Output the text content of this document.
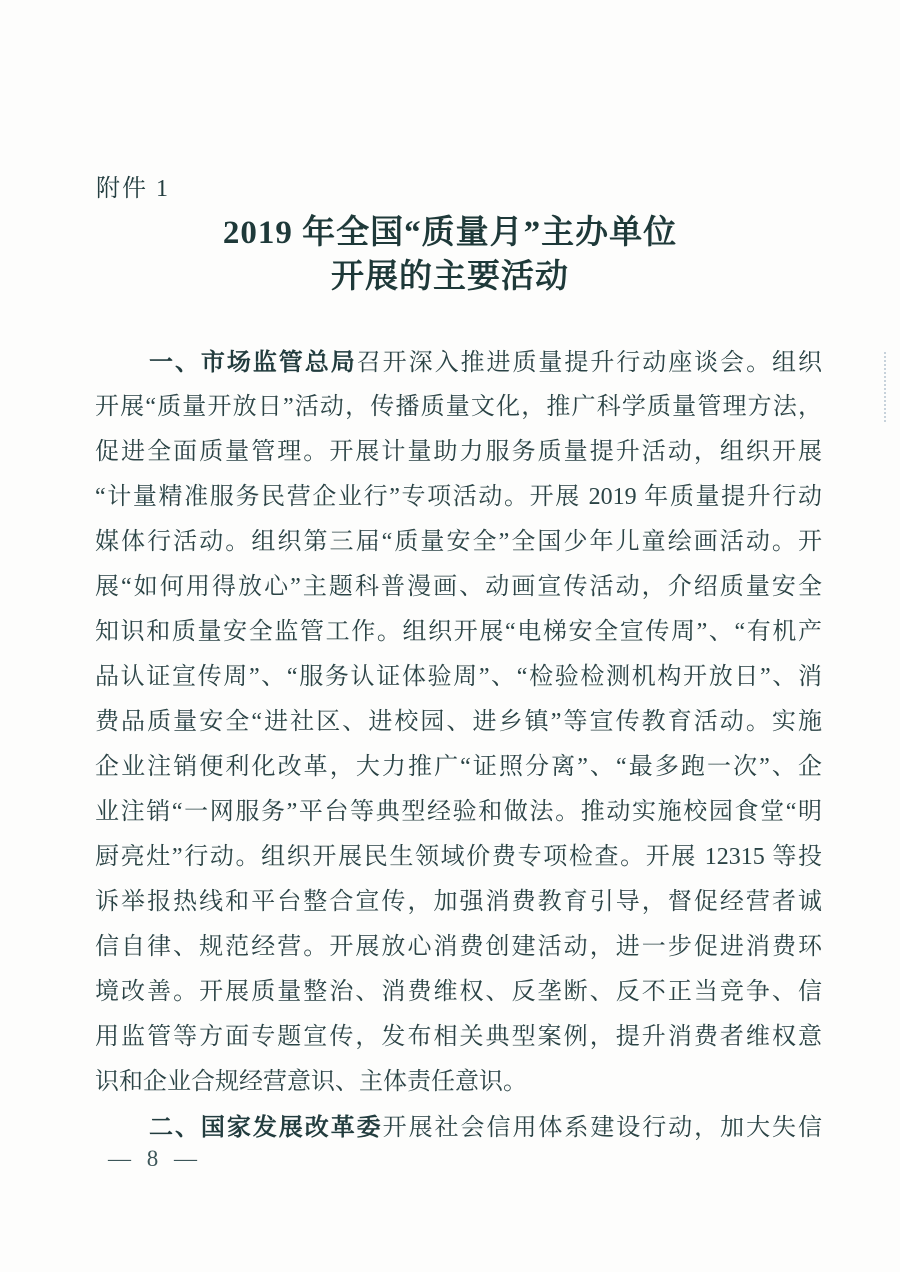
附件 1
2019 年全国“质量月”主办单位
开展的主要活动
一、市场监管总局召开深入推进质量提升行动座谈会。组织
开展“质量开放日”活动，传播质量文化，推广科学质量管理方法，
促进全面质量管理。开展计量助力服务质量提升活动，组织开展
“计量精准服务民营企业行”专项活动。开展 2019 年质量提升行动
媒体行活动。组织第三届“质量安全”全国少年儿童绘画活动。开
展“如何用得放心”主题科普漫画、动画宣传活动，介绍质量安全
知识和质量安全监管工作。组织开展“电梯安全宣传周”、“有机产
品认证宣传周”、“服务认证体验周”、“检验检测机构开放日”、消
费品质量安全“进社区、进校园、进乡镇”等宣传教育活动。实施
企业注销便利化改革，大力推广“证照分离”、“最多跑一次”、企
业注销“一网服务”平台等典型经验和做法。推动实施校园食堂“明
厨亮灶”行动。组织开展民生领域价费专项检查。开展 12315 等投
诉举报热线和平台整合宣传，加强消费教育引导，督促经营者诚
信自律、规范经营。开展放心消费创建活动，进一步促进消费环
境改善。开展质量整治、消费维权、反垄断、反不正当竞争、信
用监管等方面专题宣传，发布相关典型案例，提升消费者维权意
识和企业合规经营意识、主体责任意识。
二、国家发展改革委开展社会信用体系建设行动，加大失信
— 8 —
